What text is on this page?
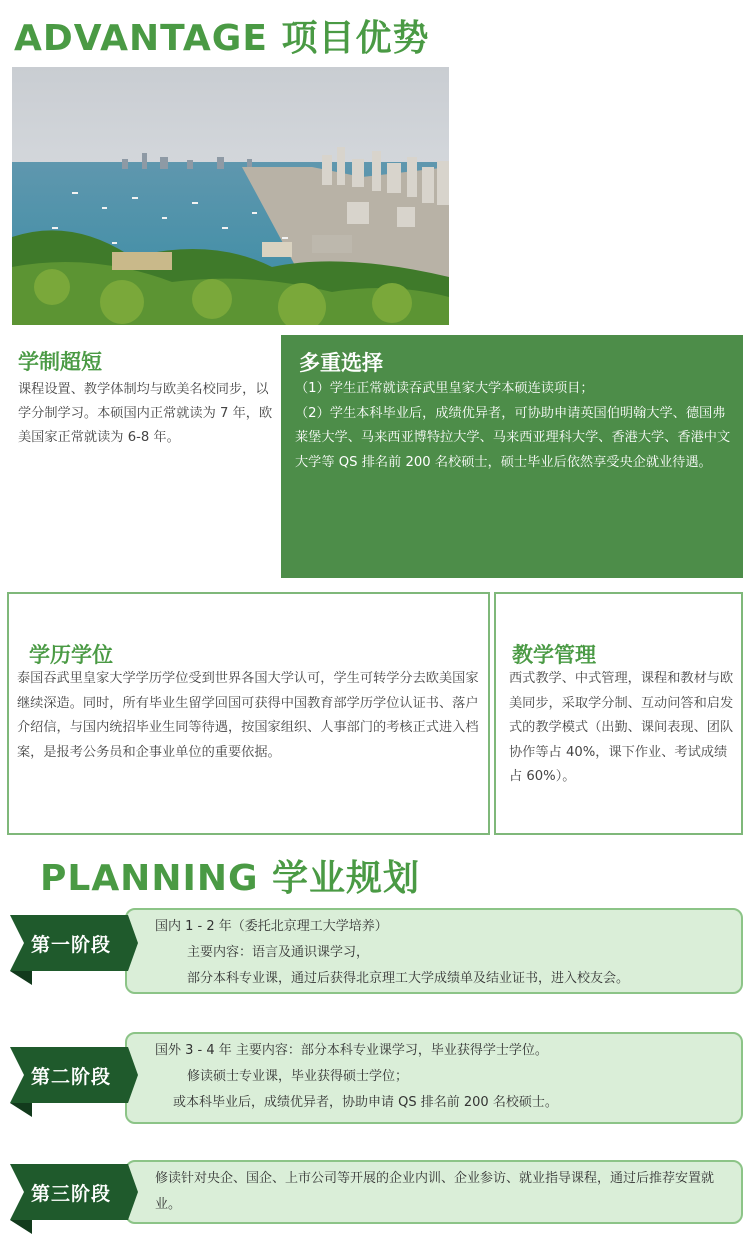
ADVANTAGE 项目优势
学制超短
课程设置、教学体制均与欧美名校同步，以学分制学习。本硕国内正常就读为 7 年，欧美国家正常就读为 6-8 年。
多重选择

（1）学生正常就读吞武里皇家大学本硕连读项目；

（2）学生本科毕业后，成绩优异者，可协助申请英国伯明翰大学、德国弗莱堡大学、马来西亚博特拉大学、马来西亚理科大学、香港大学、香港中文大学等 QS 排名前 200 名校硕士，硕士毕业后依然享受央企就业待遇。

学历学位
泰国吞武里皇家大学学历学位受到世界各国大学认可，学生可转学分去欧美国家继续深造。同时，所有毕业生留学回国可获得中国教育部学历学位认证书、落户介绍信，与国内统招毕业生同等待遇，按国家组织、人事部门的考核正式进入档案，是报考公务员和企事业单位的重要依据。
教学管理
西式教学、中式管理，课程和教材与欧美同步，采取学分制、互动问答和启发式的教学模式（出勤、课间表现、团队协作等占 40%，课下作业、考试成绩占 60%）。
PLANNING 学业规划
国内 1 - 2 年（委托北京理工大学培养）
主要内容：语言及通识课学习，
部分本科专业课，通过后获得北京理工大学成绩单及结业证书，进入校友会。
第一阶段
国外 3 - 4 年 主要内容：部分本科专业课学习，毕业获得学士学位。
修读硕士专业课，毕业获得硕士学位；
或本科毕业后，成绩优异者，协助申请 QS 排名前 200 名校硕士。
第二阶段
修读针对央企、国企、上市公司等开展的企业内训、企业参访、就业指导课程，通过后推荐安置就业。
第三阶段
